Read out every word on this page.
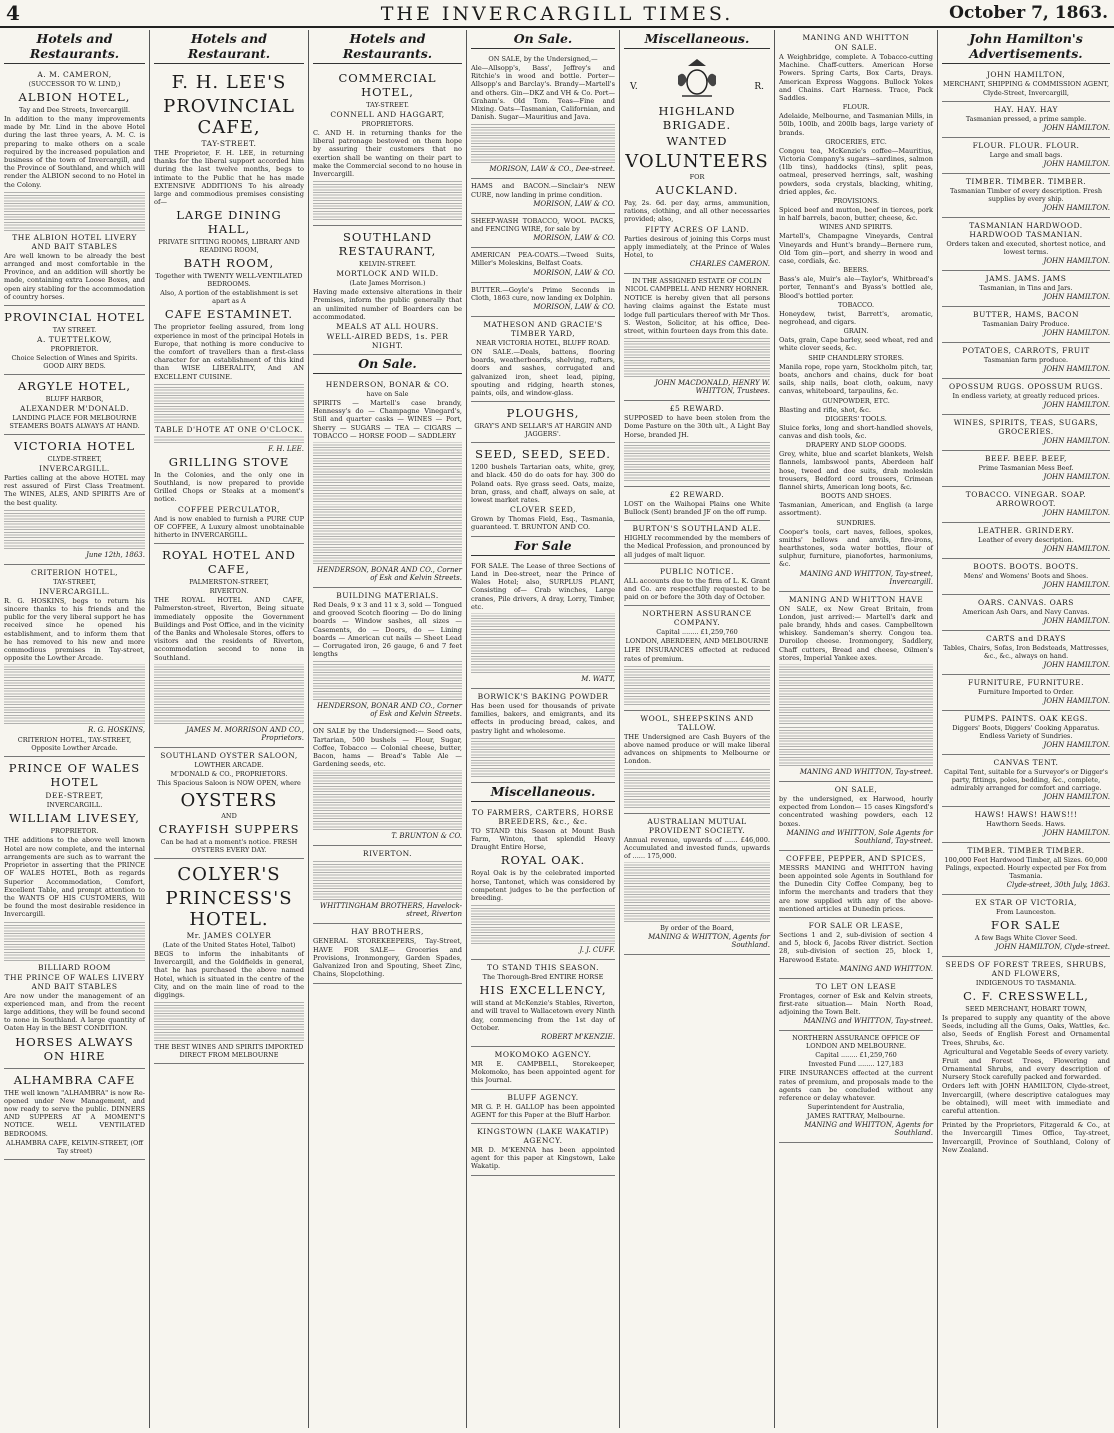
4	THE INVERCARGILL TIMES.	October 7, 1863.
Hotels and Restaurants.
A. M. CAMERON,
(SUCCESSOR TO W. LIND,)
ALBION HOTEL,
Tay and Dee Streets, Invercargill.
In addition to the many improvements made by Mr. Lind in the above Hotel during the last three years, A. M. C. is preparing to make others on a scale required by the increased population and business of the town of Invercargill, and the Province of Southland, and which will render the ALBION second to no Hotel in the Colony.
THE ALBION HOTEL LIVERY AND BAIT STABLES
Are well known to be already the best arranged and most comfortable in the Province, and an addition will shortly be made, containing extra Loose Boxes, and open airy stabling for the accommodation of country horses.
PROVINCIAL HOTEL
TAY STREET.
A. TUETTELKOW,
PROPRIETOR.
Choice Selection of Wines and Spirits. GOOD AIRY BEDS.
ARGYLE HOTEL,
BLUFF HARBOR,
ALEXANDER M'DONALD.
LANDING PLACE FOR MELBOURNE STEAMERS BOATS ALWAYS AT HAND.
VICTORIA HOTEL
CLYDE-STREET,
INVERCARGILL.
Parties calling at the above HOTEL may rest assured of First Class Treatment. The WINES, ALES, AND SPIRITS Are of the best quality.
June 12th, 1863.
CRITERION HOTEL,
TAY-STREET,
INVERCARGILL.
R. G. HOSKINS, begs to return his sincere thanks to his friends and the public for the very liberal support he has received since he opened his establishment, and to inform them that he has removed to his new and more commodious premises in Tay-street, opposite the Lowther Arcade.
R. G. HOSKINS,
CRITERION HOTEL, TAY-STREET, Opposite Lowther Arcade.
PRINCE OF WALES HOTEL
DEE-STREET,
INVERCARGILL.
WILLIAM LIVESEY,
PROPRIETOR.
THE additions to the above well known Hotel are now complete, and the internal arrangements are such as to warrant the Proprietor in asserting that the PRINCE OF WALES HOTEL, Both as regards Superior Accommodation, Comfort, Excellent Table, and prompt attention to the WANTS OF HIS CUSTOMERS, Will be found the most desirable residence in Invercargill.
BILLIARD ROOM
THE PRINCE OF WALES LIVERY AND BAIT STABLES
Are now under the management of an experienced man, and from the recent large additions, they will be found second to none in Southland. A large quantity of Oaten Hay in the BEST CONDITION.
HORSES ALWAYS ON HIRE
ALHAMBRA CAFE
THE well known "ALHAMBRA" is now Re-opened under New Management, and now ready to serve the public. DINNERS AND SUPPERS AT A MOMENT'S NOTICE. WELL VENTILATED BEDROOMS.
ALHAMBRA CAFE, KELVIN-STREET, (Off Tay street)
Hotels and Restaurant.
F. H. LEE'S
PROVINCIAL CAFE,
TAY-STREET.
THE Proprietor, F. H. LEE, in returning thanks for the liberal support accorded him during the last twelve months, begs to intimate to the Public that he has made EXTENSIVE ADDITIONS To his already large and commodious premises consisting of—
LARGE DINING HALL,
PRIVATE SITTING ROOMS, LIBRARY AND READING ROOM,
BATH ROOM,
Together with TWENTY WELL-VENTILATED BEDROOMS.
Also, A portion of the establishment is set apart as A
CAFE ESTAMINET.
The proprietor feeling assured, from long experience in most of the principal Hotels in Europe, that nothing is more conducive to the comfort of travellers than a first-class character for an establishment of this kind than WISE LIBERALITY, And AN EXCELLENT CUISINE.
TABLE D'HOTE AT ONE O'CLOCK.
F. H. LEE.
GRILLING STOVE
In the Colonies, and the only one in Southland, is now prepared to provide Grilled Chops or Steaks at a moment's notice.
COFFEE PERCULATOR,
And is now enabled to furnish a PURE CUP OF COFFEE, A Luxury almost unobtainable hitherto in INVERCARGILL.
ROYAL HOTEL AND CAFE,
PALMERSTON-STREET,
RIVERTON.
THE ROYAL HOTEL AND CAFE, Palmerston-street, Riverton, Being situate immediately opposite the Government Buildings and Post Office, and in the vicinity of the Banks and Wholesale Stores, offers to visitors and the residents of Riverton, accommodation second to none in Southland.
JAMES M. MORRISON AND CO., Proprietors.
SOUTHLAND OYSTER SALOON,
LOWTHER ARCADE.
M'DONALD & CO., PROPRIETORS.
This Spacious Saloon is NOW OPEN, where
OYSTERS
AND
CRAYFISH SUPPERS
Can be had at a moment's notice. FRESH OYSTERS EVERY DAY.
COLYER'S
PRINCESS'S HOTEL.
Mr. JAMES COLYER
(Late of the United States Hotel, Talbot)
BEGS to inform the inhabitants of Invercargill, and the Goldfields in general, that he has purchased the above named Hotel, which is situated in the centre of the City, and on the main line of road to the diggings.
THE BEST WINES AND SPIRITS IMPORTED DIRECT FROM MELBOURNE
Hotels and Restaurants.
COMMERCIAL HOTEL,
TAY-STREET.
CONNELL AND HAGGART,
PROPRIETORS.
C. AND H. in returning thanks for the liberal patronage bestowed on them hope by assuring their customers that no exertion shall be wanting on their part to make the Commercial second to no house in Invercargill.
SOUTHLAND RESTAURANT,
KELVIN-STREET.
MORTLOCK AND WILD.
(Late James Morrison.)
Having made extensive alterations in their Premises, inform the public generally that an unlimited number of Boarders can be accommodated.
MEALS AT ALL HOURS.
WELL-AIRED BEDS, 1s. PER NIGHT.
On Sale.
HENDERSON, BONAR & CO.
have on Sale
SPIRITS — Martell's case brandy, Hennessy's do — Champagne Vinegard's, Still and quarter casks — WINES — Port, Sherry — SUGARS — TEA — CIGARS — TOBACCO — HORSE FOOD — SADDLERY
HENDERSON, BONAR AND CO., Corner of Esk and Kelvin Streets.
BUILDING MATERIALS.
Red Deals, 9 x 3 and 11 x 3, sold — Tongued and grooved Scotch flooring — Do do lining boards — Window sashes, all sizes — Casements, do — Doors, do — Lining boards — American cut nails — Sheet Lead — Corrugated iron, 26 gauge, 6 and 7 feet lengths
HENDERSON, BONAR AND CO., Corner of Esk and Kelvin Streets.
ON SALE by the Undersigned:— Seed oats, Tartarian, 500 bushels — Flour, Sugar, Coffee, Tobacco — Colonial cheese, butter, Bacon, hams — Bread's Table Ale — Gardening seeds, etc.
T. BRUNTON & CO.
RIVERTON.
WHITTINGHAM BROTHERS, Havelock-street, Riverton
HAY BROTHERS,
GENERAL STOREKEEPERS, Tay-Street, HAVE FOR SALE— Groceries and Provisions, Ironmongery, Garden Spades, Galvanized Iron and Spouting, Sheet Zinc, Chains, Slopclothing.
On Sale.
ON SALE, by the Undersigned,—
Ale—Allsopp's, Bass', Jeffrey's and Ritchie's in wood and bottle. Porter—Allsopp's and Barclay's. Brandy—Martell's and others. Gin—DKZ and VH & Co. Port—Graham's. Old Tom. Teas—Fine and Mixing. Oats—Tasmanian, Californian, and Danish. Sugar—Mauritius and Java.
MORISON, LAW & CO., Dee-street.
HAMS and BACON.—Sinclair's NEW CURE, now landing in prime condition.
MORISON, LAW & CO.
SHEEP-WASH TOBACCO, WOOL PACKS, and FENCING WIRE, for sale by
MORISON, LAW & CO.
AMERICAN PEA-COATS.—Tweed Suits, Miller's Moleskins, Belfast Coats.
MORISON, LAW & CO.
BUTTER.—Goyle's Prime Seconds in Cloth, 1863 cure, now landing ex Dolphin.
MORISON, LAW & CO.
MATHESON AND GRACIE'S TIMBER YARD,
NEAR VICTORIA HOTEL, BLUFF ROAD.
ON SALE.—Deals, battens, flooring boards, weatherboards, shelving, rafters, doors and sashes, corrugated and galvanized iron, sheet lead, piping, spouting and ridging, hearth stones, paints, oils, and window-glass.
PLOUGHS,
GRAY'S AND SELLAR'S AT HARGIN AND JAGGERS'.
SEED, SEED, SEED.
1200 bushels Tartarian oats, white, grey, and black. 450 do do oats for hay. 300 do Poland oats. Rye grass seed. Oats, maize, bran, grass, and chaff, always on sale, at lowest market rates.
CLOVER SEED,
Grown by Thomas Field, Esq., Tasmania, guaranteed. T. BRUNTON AND CO.
For Sale
FOR SALE. The Lease of three Sections of Land in Dee-street, near the Prince of Wales Hotel; also, SURPLUS PLANT, Consisting of— Crab winches, Large cranes, Pile drivers, A dray, Lorry, Timber, etc.
M. WATT,
BORWICK'S BAKING POWDER
Has been used for thousands of private families, bakers, and emigrants, and its effects in producing bread, cakes, and pastry light and wholesome.
Miscellaneous.
TO FARMERS, CARTERS, HORSE BREEDERS, &c., &c.
TO STAND this Season at Mount Bush Farm, Winton, that splendid Heavy Draught Entire Horse,
ROYAL OAK.
Royal Oak is by the celebrated imported horse, Tantonet, which was considered by competent judges to be the perfection of breeding.
J. J. CUFF.
TO STAND THIS SEASON.
The Thorough-Bred ENTIRE HORSE
HIS EXCELLENCY,
will stand at McKenzie's Stables, Riverton, and will travel to Wallacetown every Ninth day, commencing from the 1st day of October.
ROBERT M'KENZIE.
MOKOMOKO AGENCY.
MR E. CAMPBELL, Storekeeper, Mokomoko, has been appointed agent for this Journal.
BLUFF AGENCY.
MR G. P. H. GALLOP has been appointed AGENT for this Paper at the Bluff Harbor.
KINGSTOWN (LAKE WAKATIP) AGENCY.
MR D. M'KENNA has been appointed agent for this paper at Kingstown, Lake Wakatip.
Miscellaneous.
V.	R.
HIGHLAND BRIGADE.
WANTED
VOLUNTEERS
FOR
AUCKLAND.
Pay, 2s. 6d. per day, arms, ammunition, rations, clothing, and all other necessaries provided; also,
FIFTY ACRES OF LAND.
Parties desirous of joining this Corps must apply immediately, at the Prince of Wales Hotel, to
CHARLES CAMERON.
IN THE ASSIGNED ESTATE OF COLIN NICOL CAMPBELL AND HENRY HORNER.
NOTICE is hereby given that all persons having claims against the Estate must lodge full particulars thereof with Mr Thos. S. Weston, Solicitor, at his office, Dee-street, within fourteen days from this date.
JOHN MACDONALD, HENRY W. WHITTON, Trustees.
£5 REWARD.
SUPPOSED to have been stolen from the Dome Pasture on the 30th ult., A Light Bay Horse, branded JH.
£2 REWARD.
LOST on the Waihopai Plains one White Bullock (Sent) branded JF on the off rump.
BURTON'S SOUTHLAND ALE.
HIGHLY recommended by the members of the Medical Profession, and pronounced by all judges of malt liquor.
PUBLIC NOTICE.
ALL accounts due to the firm of L. K. Grant and Co. are respectfully requested to be paid on or before the 30th day of October.
NORTHERN ASSURANCE COMPANY.
Capital ........ £1,259,760
LONDON, ABERDEEN, AND MELBOURNE
LIFE INSURANCES effected at reduced rates of premium.
WOOL, SHEEPSKINS AND TALLOW.
THE Undersigned are Cash Buyers of the above named produce or will make liberal advances on shipments to Melbourne or London.
AUSTRALIAN MUTUAL PROVIDENT SOCIETY.
Annual revenue, upwards of ...... £46,000. Accumulated and invested funds, upwards of ...... 175,000.
By order of the Board,
MANING & WHITTON, Agents for Southland.
MANING AND WHITTON
ON SALE.
A Weighbridge, complete. A Tobacco-cutting Machine. Chaff-cutters. American Horse Powers. Spring Carts, Box Carts, Drays. American Express Waggons. Bullock Yokes and Chains. Cart Harness. Trace, Pack Saddles.
FLOUR.
Adelaide, Melbourne, and Tasmanian Mills, in 50lb, 100lb, and 200lb bags, large variety of brands.
GROCERIES, ETC.
Congou tea, McKenzie's coffee—Mauritius, Victoria Company's sugars—sardines, salmon (1lb tins), haddocks (tins), split peas, oatmeal, preserved herrings, salt, washing powders, soda crystals, blacking, whiting, dried apples, &c.
PROVISIONS.
Spiced beef and mutton, beef in tierces, pork in half barrels, bacon, butter, cheese, &c.
WINES AND SPIRITS.
Martell's, Champagne Vineyards, Central Vineyards and Hunt's brandy—Bernere rum, Old Tom gin—port, and sherry in wood and case, cordials, &c.
BEERS.
Bass's ale, Muir's ale—Taylor's, Whitbread's porter, Tennant's and Byass's bottled ale, Blood's bottled porter.
TOBACCO.
Honeydew, twist, Barrett's, aromatic, negrohead, and cigars.
GRAIN.
Oats, grain, Cape barley, seed wheat, red and white clover seeds, &c.
SHIP CHANDLERY STORES.
Manila rope, rope yarn, Stockholm pitch, tar, boats, anchors and chains, duck for boat sails, ship nails, boat cloth, oakum, navy canvas, whiteboard, tarpaulins, &c.
GUNPOWDER, ETC.
Blasting and rifle, shot, &c.
DIGGERS' TOOLS.
Sluice forks, long and short-handled shovels, canvas and dish tools, &c.
DRAPERY AND SLOP GOODS.
Grey, white, blue and scarlet blankets, Welsh flannels, lambswool pants, Aberdeen half hose, tweed and doe suits, drab moleskin trousers, Bedford cord trousers, Crimean flannel shirts, American long boots, &c.
BOOTS AND SHOES.
Tasmanian, American, and English (a large assortment).
SUNDRIES.
Cooper's tools, cart naves, felloes, spokes, smiths' bellows and anvils, fire-irons, hearthstones, soda water bottles, flour of sulphur, furniture, pianofortes, harmoniums, &c.
MANING AND WHITTON, Tay-street, Invercargill.
MANING AND WHITTON HAVE
ON SALE, ex New Great Britain, from London, just arrived:— Martell's dark and pale brandy, hhds and cases. Campbelltown whiskey. Sandeman's sherry. Congou tea. Duroilop cheese. Ironmongery, Saddlery, Chaff cutters, Bread and cheese, Oilmen's stores, Imperial Yankee axes.
MANING AND WHITTON, Tay-street.
ON SALE,
by the undersigned, ex Harwood, hourly expected from London— 15 cases Kingsford's concentrated washing powders, each 12 boxes.
MANING and WHITTON, Sole Agents for Southland, Tay-street.
COFFEE, PEPPER, AND SPICES,
MESSRS MANING and WHITTON having been appointed sole Agents in Southland for the Dunedin City Coffee Company, beg to inform the merchants and traders that they are now supplied with any of the above-mentioned articles at Dunedin prices.
FOR SALE OR LEASE,
Sections 1 and 2, sub-division of section 4 and 5, block 6, Jacobs River district. Section 28, sub-division of section 25, block 1, Harewood Estate.
MANING AND WHITTON.
TO LET ON LEASE
Frontages, corner of Esk and Kelvin streets, first-rate situation— Main North Road, adjoining the Town Belt.
MANING and WHITTON, Tay-street.
NORTHERN ASSURANCE OFFICE OF LONDON AND MELBOURNE.
Capital ........ £1,259,760
Invested Fund ........ 127,183
FIRE INSURANCES effected at the current rates of premium, and proposals made to the agents can be concluded without any reference or delay whatever.
Superintendent for Australia,
JAMES RATTRAY, Melbourne.
MANING and WHITTON, Agents for Southland.
John Hamilton's Advertisements.
JOHN HAMILTON,
MERCHANT, SHIPPING & COMMISSION AGENT,
Clyde-Street, Invercargill,
HAY. HAY. HAY
Tasmanian pressed, a prime sample.
JOHN HAMILTON.
FLOUR. FLOUR. FLOUR.
Large and small bags.
JOHN HAMILTON.
TIMBER. TIMBER. TIMBER.
Tasmanian Timber of every description. Fresh supplies by every ship.
JOHN HAMILTON.
TASMANIAN HARDWOOD. HARDWOOD TASMANIAN.
Orders taken and executed, shortest notice, and lowest terms.
JOHN HAMILTON.
JAMS. JAMS. JAMS
Tasmanian, in Tins and Jars.
JOHN HAMILTON.
BUTTER, HAMS, BACON
Tasmanian Dairy Produce.
JOHN HAMILTON.
POTATOES, CARROTS, FRUIT
Tasmanian farm produce.
JOHN HAMILTON.
OPOSSUM RUGS. OPOSSUM RUGS.
In endless variety, at greatly reduced prices.
JOHN HAMILTON.
WINES, SPIRITS, TEAS, SUGARS, GROCERIES.
JOHN HAMILTON.
BEEF. BEEF. BEEF,
Prime Tasmanian Mess Beef.
JOHN HAMILTON.
TOBACCO. VINEGAR. SOAP. ARROWROOT.
JOHN HAMILTON.
LEATHER. GRINDERY.
Leather of every description.
JOHN HAMILTON.
BOOTS. BOOTS. BOOTS.
Mens' and Womens' Boots and Shoes.
JOHN HAMILTON.
OARS. CANVAS. OARS
American Ash Oars, and Navy Canvas.
JOHN HAMILTON.
CARTS and DRAYS
Tables, Chairs, Sofas, Iron Bedsteads, Mattresses, &c., &c., always on hand.
JOHN HAMILTON.
FURNITURE, FURNITURE.
Furniture Imported to Order.
JOHN HAMILTON.
PUMPS. PAINTS. OAK KEGS.
Diggers' Boots, Diggers' Cooking Apparatus. Endless Variety of Sundries.
JOHN HAMILTON.
CANVAS TENT.
Capital Tent, suitable for a Surveyor's or Digger's party, fittings, poles, bedding, &c., complete, admirably arranged for comfort and carriage.
JOHN HAMILTON.
HAWS! HAWS! HAWS!!!
Hawthorn Seeds. Haws.
JOHN HAMILTON.
TIMBER. TIMBER TIMBER.
100,000 Feet Hardwood Timber, all Sizes. 60,000 Palings, expected. Hourly expected per Fox from Tasmania.
Clyde-street, 30th July, 1863.
EX STAR OF VICTORIA,
From Launceston.
FOR SALE
A few Bags White Clover Seed.
JOHN HAMILTON, Clyde-street.
SEEDS OF FOREST TREES, SHRUBS, AND FLOWERS,
INDIGENOUS TO TASMANIA.
C. F. CRESSWELL,
SEED MERCHANT, HOBART TOWN,
Is prepared to supply any quantity of the above Seeds, including all the Gums, Oaks, Wattles, &c. also, Seeds of English Forest and Ornamental Trees, Shrubs, &c.
Agricultural and Vegetable Seeds of every variety.
Fruit and Forest Trees, Flowering and Ornamental Shrubs, and every description of Nursery Stock carefully packed and forwarded.
Orders left with JOHN HAMILTON, Clyde-street, Invercargill, (where descriptive catalogues may be obtained), will meet with immediate and careful attention.
Printed by the Proprietors, Fitzgerald & Co., at the Invercargill Times Office, Tay-street, Invercargill, Province of Southland, Colony of New Zealand.
